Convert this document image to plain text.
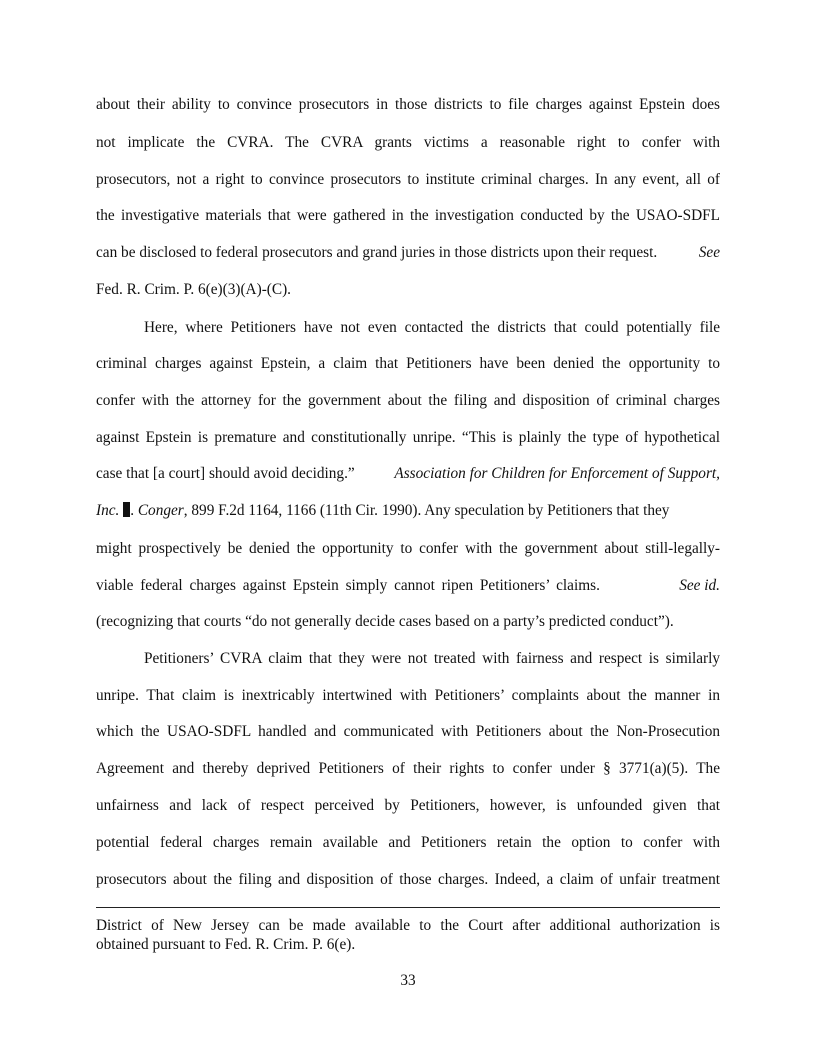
about their ability to convince prosecutors in those districts to file charges against Epstein does
not implicate the CVRA. The CVRA grants victims a reasonable right to confer with
prosecutors, not a right to convince prosecutors to institute criminal charges. In any event, all of
the investigative materials that were gathered in the investigation conducted by the USAO-SDFL
can be disclosed to federal prosecutors and grand juries in those districts upon their request.	See
Fed. R. Crim. P. 6(e)(3)(A)-(C).
Here, where Petitioners have not even contacted the districts that could potentially file
criminal charges against Epstein, a claim that Petitioners have been denied the opportunity to
confer with the attorney for the government about the filing and disposition of criminal charges
against Epstein is premature and constitutionally unripe. “This is plainly the type of hypothetical
case that [a court] should avoid deciding.”	Association for Children for Enforcement of Support,
Inc. . Conger, 899 F.2d 1164, 1166 (11th Cir. 1990). Any speculation by Petitioners that they
might prospectively be denied the opportunity to confer with the government about still-legally-
viable federal charges against Epstein simply cannot ripen Petitioners’ claims.	See id.
(recognizing that courts “do not generally decide cases based on a party’s predicted conduct”).
Petitioners’ CVRA claim that they were not treated with fairness and respect is similarly
unripe. That claim is inextricably intertwined with Petitioners’ complaints about the manner in
which the USAO-SDFL handled and communicated with Petitioners about the Non-Prosecution
Agreement and thereby deprived Petitioners of their rights to confer under § 3771(a)(5). The
unfairness and lack of respect perceived by Petitioners, however, is unfounded given that
potential federal charges remain available and Petitioners retain the option to confer with
prosecutors about the filing and disposition of those charges. Indeed, a claim of unfair treatment
District of New Jersey can be made available to the Court after additional authorization is
obtained pursuant to Fed. R. Crim. P. 6(e).
33
